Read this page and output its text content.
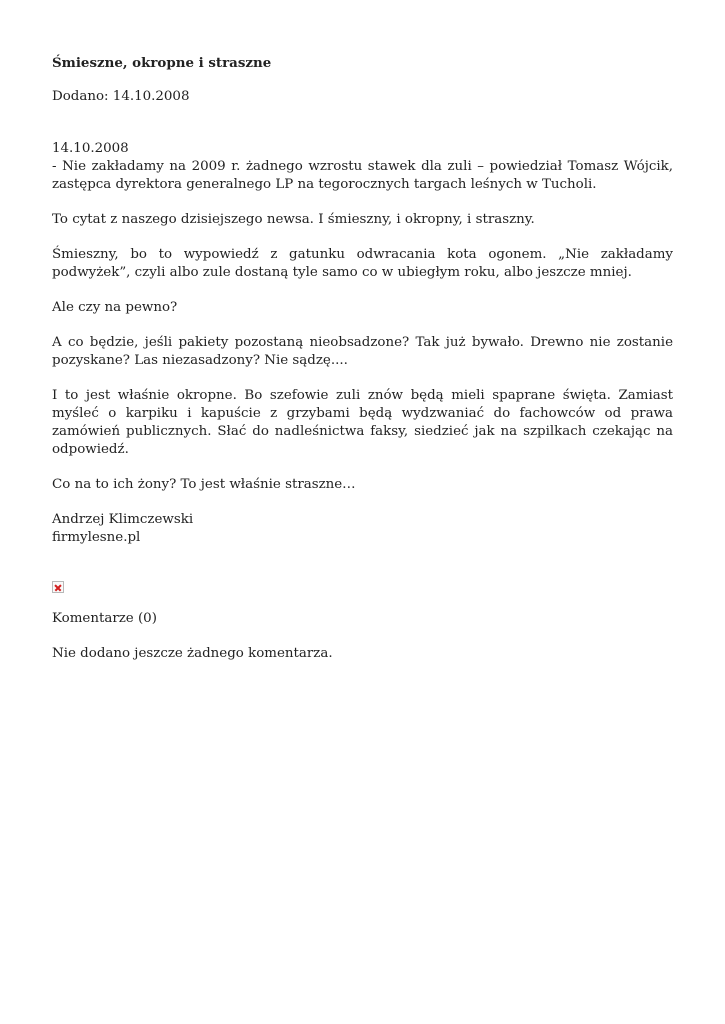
Śmieszne, okropne i straszne

Dodano: 14.10.2008

14.10.2008
- Nie zakładamy na 2009 r. żadnego wzrostu stawek dla zuli – powiedział Tomasz Wójcik, zastępca dyrektora generalnego LP na tegorocznych targach leśnych w Tucholi.

To cytat z naszego dzisiejszego newsa. I śmieszny, i okropny, i straszny.

Śmieszny, bo to wypowiedź z gatunku odwracania kota ogonem. „Nie zakładamy podwyżek”, czyli albo zule dostaną tyle samo co w ubiegłym roku, albo jeszcze mniej.

Ale czy na pewno?

A co będzie, jeśli pakiety pozostaną nieobsadzone? Tak już bywało. Drewno nie zostanie pozyskane? Las niezasadzony? Nie sądzę....

I to jest właśnie okropne. Bo szefowie zuli znów będą mieli spaprane święta. Zamiast myśleć o karpiku i kapuście z grzybami będą wydzwaniać do fachowców od prawa zamówień publicznych. Słać do nadleśnictwa faksy, siedzieć jak na szpilkach czekając na odpowiedź.

Co na to ich żony? To jest właśnie straszne…

Andrzej Klimczewski
firmylesne.pl

Komentarze (0)

Nie dodano jeszcze żadnego komentarza.
